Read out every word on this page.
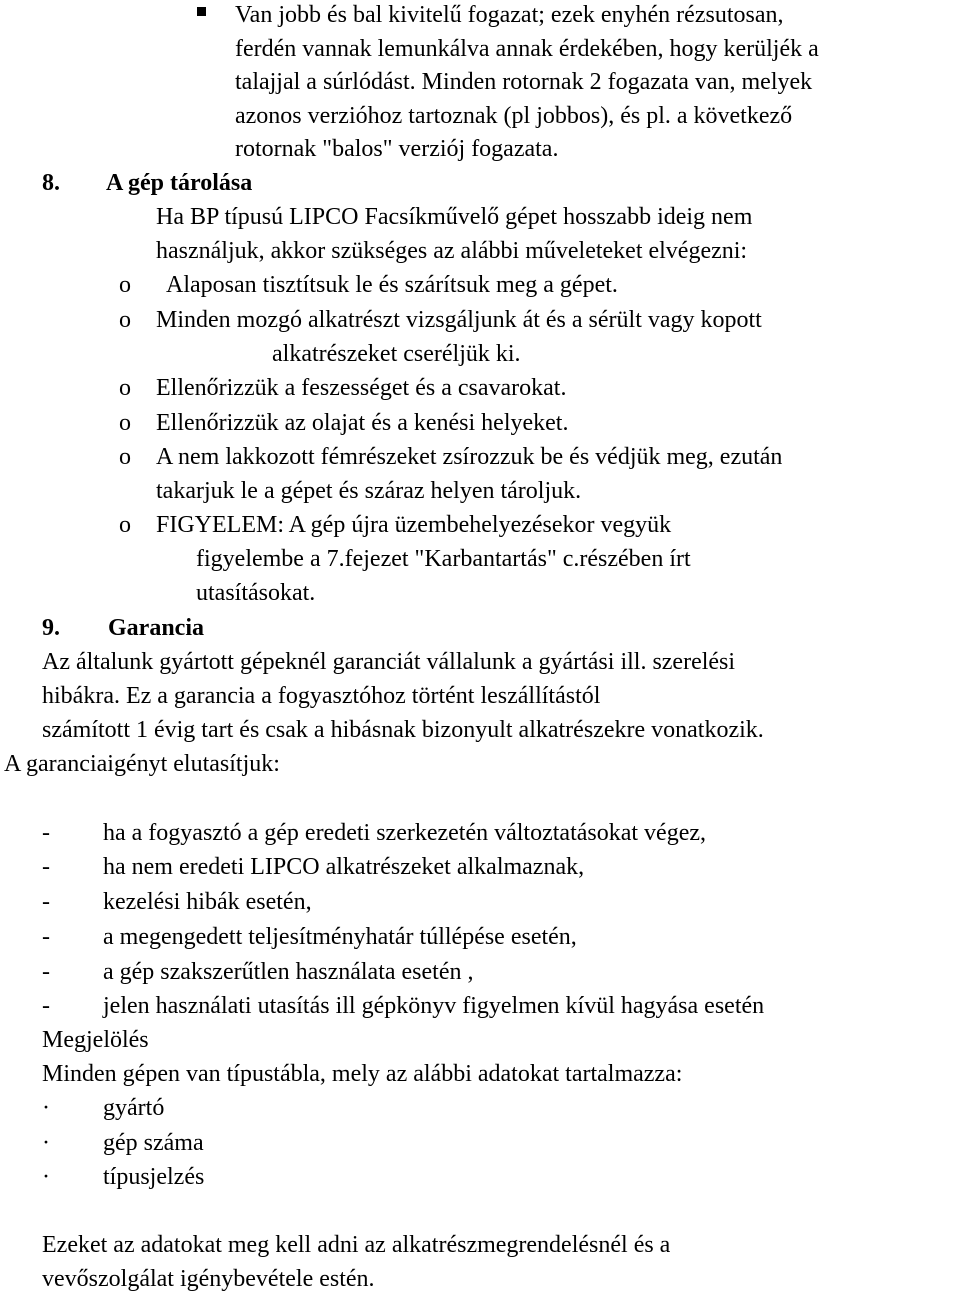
Van jobb és bal kivitelű fogazat; ezek enyhén rézsutosan,

ferdén vannak lemunkálva annak érdekében, hogy kerüljék a

talajjal a súrlódást. Minden rotornak 2 fogazata van, melyek

azonos verzióhoz tartoznak (pl jobbos), és pl. a következő

rotornak "balos" verziój fogazata.

8. A gép tárolása

Ha BP típusú LIPCO Facsíkművelő gépet hosszabb ideig nem

használjuk, akkor szükséges az alábbi műveleteket elvégezni:

o Alaposan tisztítsuk le és szárítsuk meg a gépet.

o Minden mozgó alkatrészt vizsgáljunk át és a sérült vagy kopott

alkatrészeket cseréljük ki.

o Ellenőrizzük a feszességet és a csavarokat.

o Ellenőrizzük az olajat és a kenési helyeket.

o A nem lakkozott fémrészeket zsírozzuk be és védjük meg, ezután

takarjuk le a gépet és száraz helyen tároljuk.

o FIGYELEM: A gép újra üzembehelyezésekor vegyük

figyelembe a 7.fejezet "Karbantartás" c.részében írt

utasításokat.

9. Garancia

Az általunk gyártott gépeknél garanciát vállalunk a gyártási ill. szerelési

hibákra. Ez a garancia a fogyasztóhoz történt leszállítástól

számított 1 évig tart és csak a hibásnak bizonyult alkatrészekre vonatkozik.

A garanciaigényt elutasítjuk:

- ha a fogyasztó a gép eredeti szerkezetén változtatásokat végez,

- ha nem eredeti LIPCO alkatrészeket alkalmaznak,

- kezelési hibák esetén,

- a megengedett teljesítményhatár túllépése esetén,

- a gép szakszerűtlen használata esetén ,

- jelen használati utasítás ill gépkönyv figyelmen kívül hagyása esetén

Megjelölés

Minden gépen van típustábla, mely az alábbi adatokat tartalmazza:

· gyártó

· gép száma

· típusjelzés

Ezeket az adatokat meg kell adni az alkatrészmegrendelésnél és a

vevőszolgálat igénybevétele estén.
